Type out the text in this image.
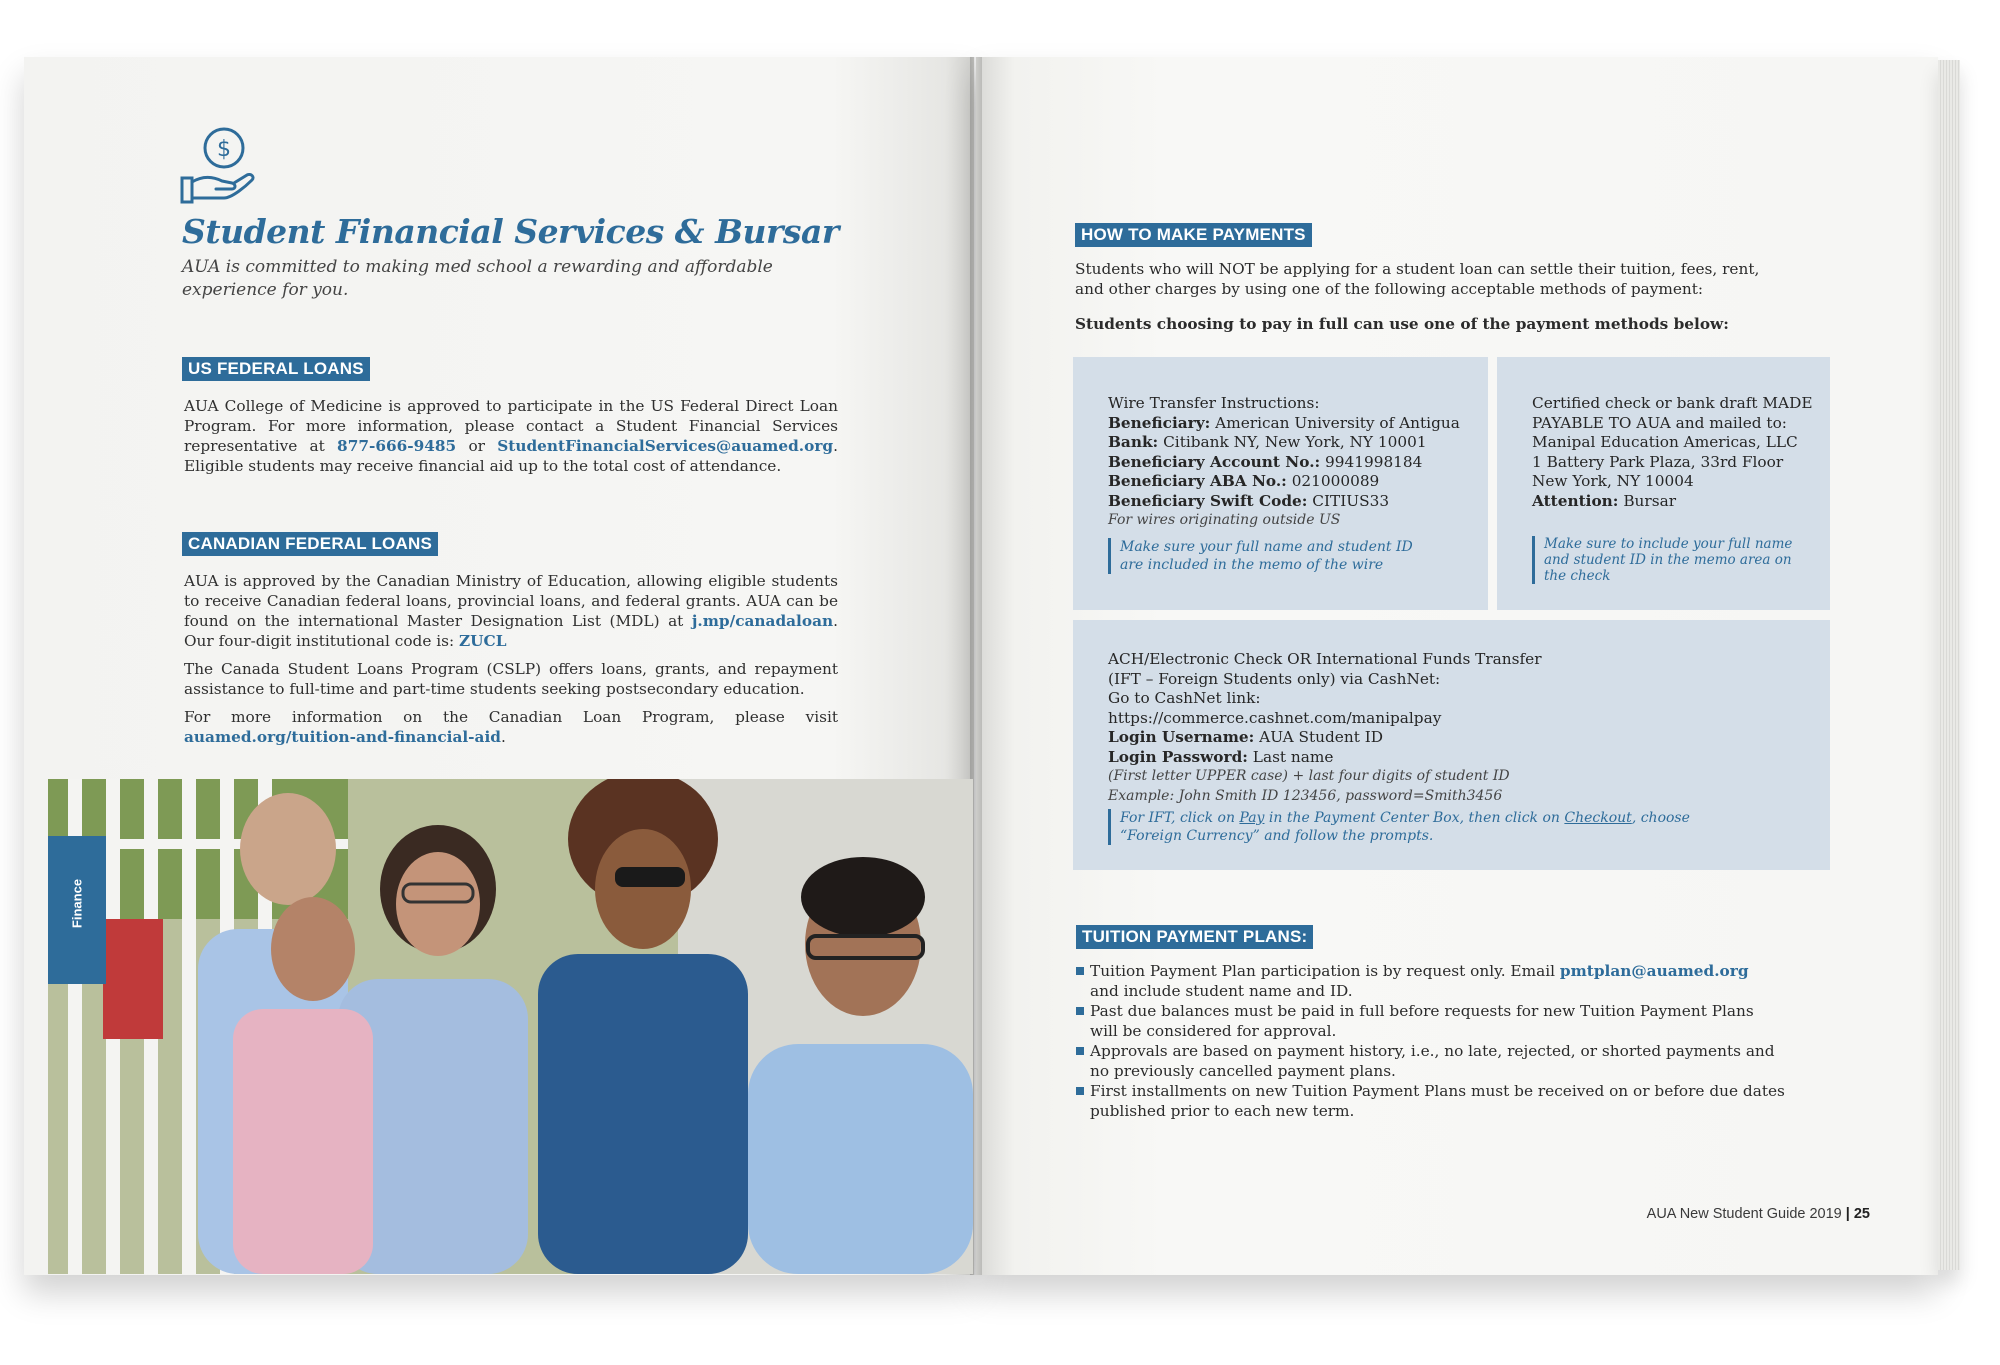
$
Student Financial Services & Bursar
AUA is committed to making med school a rewarding and affordable experience for you.
US FEDERAL LOANS
AUA College of Medicine is approved to participate in the US Federal Direct Loan Program. For more information, please contact a Student Financial Services representative at 877-666-9485 or StudentFinancialServices@auamed.org. Eligible students may receive financial aid up to the total cost of attendance.
CANADIAN FEDERAL LOANS
AUA is approved by the Canadian Ministry of Education, allowing eligible students to receive Canadian federal loans, provincial loans, and federal grants. AUA can be found on the international Master Designation List (MDL) at j.mp/canadaloan. Our four-digit institutional code is: ZUCL
The Canada Student Loans Program (CSLP) offers loans, grants, and repayment assistance to full-time and part-time students seeking postsecondary education.
For more information on the Canadian Loan Program, please visit auamed.org/tuition-and-financial-aid.
Finance
HOW TO MAKE PAYMENTS
Students who will NOT be applying for a student loan can settle their tuition, fees, rent, and other charges by using one of the following acceptable methods of payment:
Students choosing to pay in full can use one of the payment methods below:
Wire Transfer Instructions:
Beneficiary: American University of Antigua
Bank: Citibank NY, New York, NY 10001
Beneficiary Account No.: 9941998184
Beneficiary ABA No.: 021000089
Beneficiary Swift Code: CITIUS33
For wires originating outside US
Make sure your full name and student ID are included in the memo of the wire
Certified check or bank draft MADE PAYABLE TO AUA and mailed to:
Manipal Education Americas, LLC
1 Battery Park Plaza, 33rd Floor
New York, NY 10004
Attention: Bursar
Make sure to include your full name and student ID in the memo area on the check
ACH/Electronic Check OR International Funds Transfer
(IFT – Foreign Students only) via CashNet:
Go to CashNet link:
https://commerce.cashnet.com/manipalpay
Login Username: AUA Student ID
Login Password: Last name
(First letter UPPER case) + last four digits of student ID
Example: John Smith ID 123456, password=Smith3456
For IFT, click on Pay in the Payment Center Box, then click on Checkout, choose
“Foreign Currency” and follow the prompts.
TUITION PAYMENT PLANS:
Tuition Payment Plan participation is by request only. Email pmtplan@auamed.org
and include student name and ID.
Past due balances must be paid in full before requests for new Tuition Payment Plans will be considered for approval.
Approvals are based on payment history, i.e., no late, rejected, or shorted payments and no previously cancelled payment plans.
First installments on new Tuition Payment Plans must be received on or before due dates published prior to each new term.
AUA New Student Guide 2019 | 25
